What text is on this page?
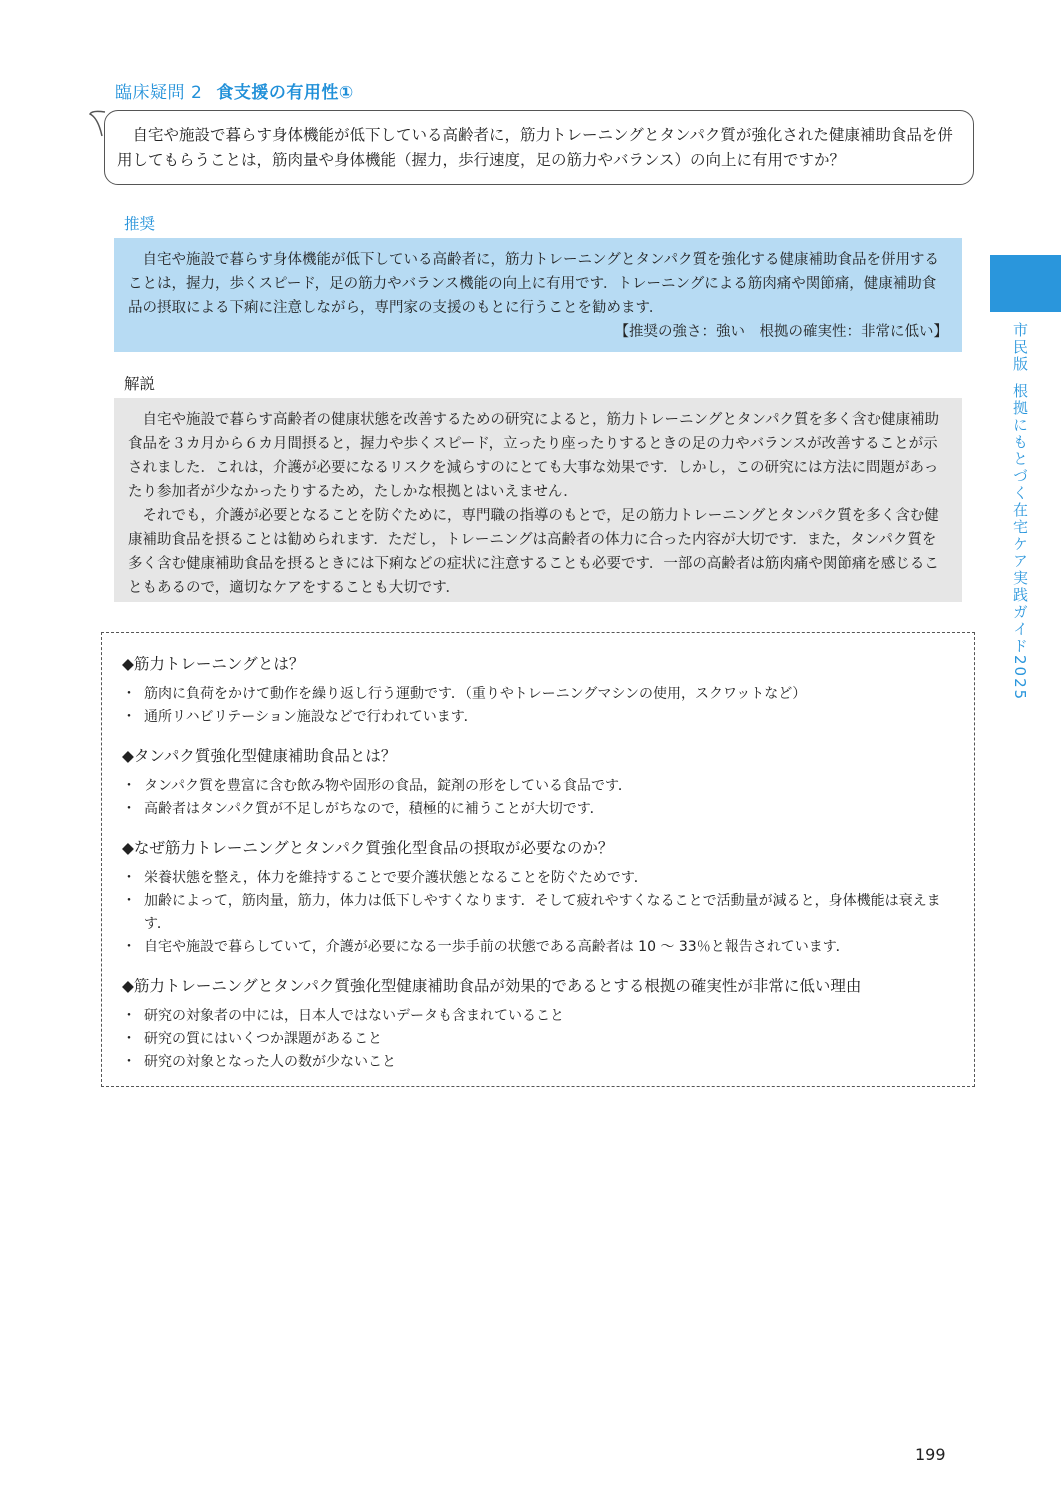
臨床疑問 2 食支援の有用性①

自宅や施設で暮らす身体機能が低下している高齢者に，筋力トレーニングとタンパク質が強化された健康補助食品を併用してもらうことは，筋肉量や身体機能（握力，歩行速度，足の筋力やバランス）の向上に有用ですか？

推奨

自宅や施設で暮らす身体機能が低下している高齢者に，筋力トレーニングとタンパク質を強化する健康補助食品を併用することは，握力，歩くスピード，足の筋力やバランス機能の向上に有用です．トレーニングによる筋肉痛や関節痛，健康補助食品の摂取による下痢に注意しながら，専門家の支援のもとに行うことを勧めます．

【推奨の強さ：強い　根拠の確実性：非常に低い】

解説

自宅や施設で暮らす高齢者の健康状態を改善するための研究によると，筋力トレーニングとタンパク質を多く含む健康補助食品を３カ月から６カ月間摂ると，握力や歩くスピード，立ったり座ったりするときの足の力やバランスが改善することが示されました．これは，介護が必要になるリスクを減らすのにとても大事な効果です．しかし，この研究には方法に問題があったり参加者が少なかったりするため，たしかな根拠とはいえません．

それでも，介護が必要となることを防ぐために，専門職の指導のもとで，足の筋力トレーニングとタンパク質を多く含む健康補助食品を摂ることは勧められます．ただし，トレーニングは高齢者の体力に合った内容が大切です．また，タンパク質を多く含む健康補助食品を摂るときには下痢などの症状に注意することも必要です．一部の高齢者は筋肉痛や関節痛を感じることもあるので，適切なケアをすることも大切です．

市民版根拠にもとづく在宅ケア実践ガイド2025
◆筋力トレーニングとは？
・ 筋肉に負荷をかけて動作を繰り返し行う運動です．（重りやトレーニングマシンの使用，スクワットなど）
・ 通所リハビリテーション施設などで行われています．
◆タンパク質強化型健康補助食品とは？
・ タンパク質を豊富に含む飲み物や固形の食品，錠剤の形をしている食品です．
・ 高齢者はタンパク質が不足しがちなので，積極的に補うことが大切です．
◆なぜ筋力トレーニングとタンパク質強化型食品の摂取が必要なのか？
・ 栄養状態を整え，体力を維持することで要介護状態となることを防ぐためです．
・ 加齢によって，筋肉量，筋力，体力は低下しやすくなります．そして疲れやすくなることで活動量が減ると，身体機能は衰えます．
・ 自宅や施設で暮らしていて，介護が必要になる一歩手前の状態である高齢者は 10 〜 33％と報告されています．
◆筋力トレーニングとタンパク質強化型健康補助食品が効果的であるとする根拠の確実性が非常に低い理由
・ 研究の対象者の中には，日本人ではないデータも含まれていること
・ 研究の質にはいくつか課題があること
・ 研究の対象となった人の数が少ないこと
199
